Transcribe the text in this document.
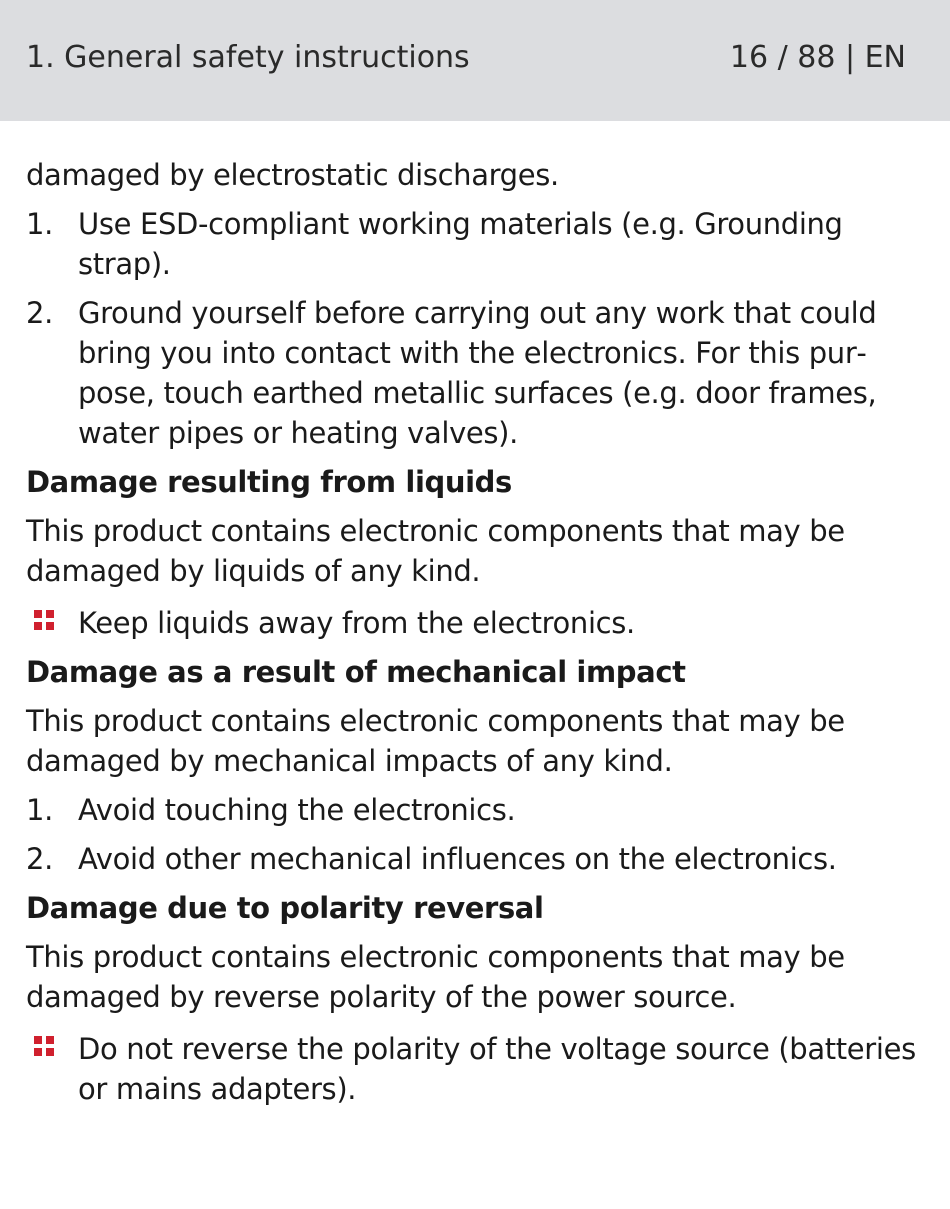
1. General safety instructions	16 / 88 | EN

damaged by electrostatic discharges.

1. Use ESD-compliant working materials (e.g. Grounding strap).
2. Ground yourself before carrying out any work that could bring you into contact with the electronics. For this purpose, touch earthed metallic surfaces (e.g. door frames, water pipes or heating valves).

Damage resulting from liquids

This product contains electronic components that may be damaged by liquids of any kind.

Keep liquids away from the electronics.

Damage as a result of mechanical impact

This product contains electronic components that may be damaged by mechanical impacts of any kind.

1. Avoid touching the electronics.
2. Avoid other mechanical influences on the electronics.

Damage due to polarity reversal

This product contains electronic components that may be damaged by reverse polarity of the power source.

Do not reverse the polarity of the voltage source (batteries or mains adapters).
